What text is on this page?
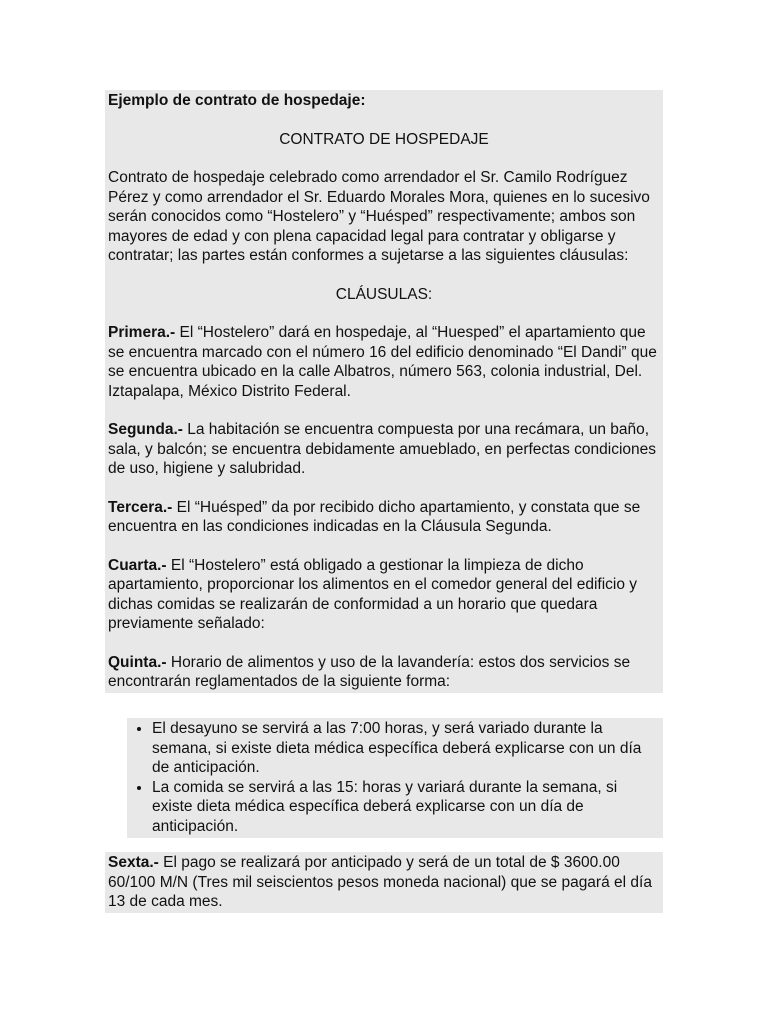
Ejemplo de contrato de hospedaje:

CONTRATO DE HOSPEDAJE

Contrato de hospedaje celebrado como arrendador el Sr. Camilo Rodríguez Pérez y como arrendador el Sr. Eduardo Morales Mora, quienes en lo sucesivo serán conocidos como “Hostelero” y “Huésped” respectivamente; ambos son mayores de edad y con plena capacidad legal para contratar y obligarse y contratar; las partes están conformes a sujetarse a las siguientes cláusulas:

CLÁUSULAS:

Primera.- El “Hostelero” dará en hospedaje, al “Huesped” el apartamiento que se encuentra marcado con el número 16 del edificio denominado “El Dandi” que se encuentra ubicado en la calle Albatros, número 563, colonia industrial, Del. Iztapalapa, México Distrito Federal.

Segunda.- La habitación se encuentra compuesta por una recámara, un baño, sala, y balcón; se encuentra debidamente amueblado, en perfectas condiciones de uso, higiene y salubridad.

Tercera.- El “Huésped” da por recibido dicho apartamiento, y constata que se encuentra en las condiciones indicadas en la Cláusula Segunda.

Cuarta.- El “Hostelero” está obligado a gestionar la limpieza de dicho apartamiento, proporcionar los alimentos en el comedor general del edificio y dichas comidas se realizarán de conformidad a un horario que quedara previamente señalado:

Quinta.- Horario de alimentos y uso de la lavandería: estos dos servicios se encontrarán reglamentados de la siguiente forma:

• El desayuno se servirá a las 7:00 horas, y será variado durante la semana, si existe dieta médica específica deberá explicarse con un día de anticipación.
• La comida se servirá a las 15: horas y variará durante la semana, si existe dieta médica específica deberá explicarse con un día de anticipación.

Sexta.- El pago se realizará por anticipado y será de un total de $ 3600.00 60/100 M/N (Tres mil seiscientos pesos moneda nacional) que se pagará el día 13 de cada mes.
